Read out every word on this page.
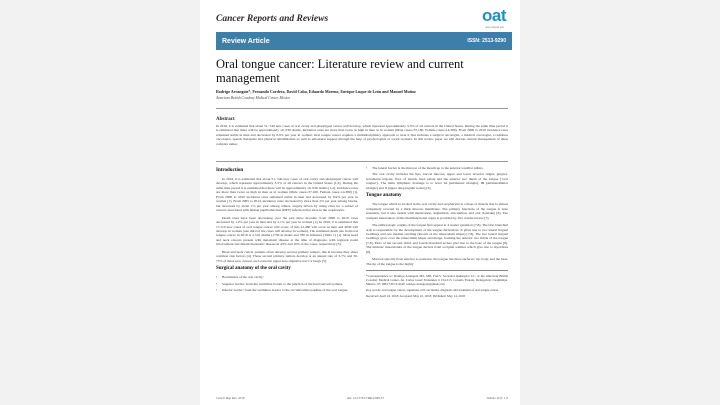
Cancer Reports and Reviews	oat
open access text
Review Article	ISSN: 2513-9290
Oral tongue cancer: Literature review and current management
Rodrigo Arrangoiz*, Fernando Cordera, David Caba, Eduardo Moreno, Enrique Luque de León and Manuel Muñoz
American British Cowdray Medical Center, Mexico
Abstract
In 2018, it is estimated that about 51, 540 new cases of oral cavity and pharyngeal cancer will develop, which represent approximately 3-5% of all cancers in the United States. During the same time period it is estimated that there will be approximately 10, 030 deaths. Incidence rates are more than twice as high in men as in women (Male cases=37,160, Female cases=14,380). From 2006 to 2010 incidence rates remained stable in men and decreased by 0.9% per year in women. Oral tongue cancer requires a multidisciplinary approach to treat it that includes a surgical oncologist, a medical oncologist, a radiation oncologist, speech therapists and physical rehabilitation as well as emotional support through the help of psychologists or social workers. In this review paper we will discuss current management of these complex tumor.
Introduction

In 2018, it is estimated that about 51, 540 new cases of oral cavity and pharyngeal cancer will develop, which represent approximately 3-5% of all cancers in the United States [1,2]. During the same time period it is estimated that there will be approximately 10, 030 deaths [1,2]. Incidence rates are more than twice as high in men as in women (Male cases=37,160, Female cases=14,380) [1]. From 2006 to 2010 incidence rates remained stable in men and decreased by 0.9% per year in women [1]. From 2005 to 2014, incidence rates decreased by more than 2% per year among blacks, but increased by about 1% per year among whites, largely driven by rising rates for a subset of cancers associated with human papillomavirus (HPV) infection that arise in the oropharynx.

Death rates have been decreasing over the past three decades; from 2006 to 2010, rates decreased by 1.2% per year in men and by 2.1% per year in women [1]. In 2018, it is estimated that 17,110 new cases of oral tongue cancer will occur, of this 12,480 will occur in men and 4630 will develop in woman (one third of the cases will develop in women). The estimated death rate from oral tongue cancer in 2018 is 2,510 deaths (1730 in males and 780 in females) (Table 1) [1]. Most head and neck cancers present with metastatic disease at the time of diagnosis, with regional nodal involvement and distant metastatic disease in 43% and 10% of the cases, respectively [3].

Head and neck cancer patients often develop second primary tumors, this is because they share common risk factors [4]. These second primary tumors develop at an annual rate of 3-7% and 50-75% of these new cancers are located in upper aero-digestive tract or lungs [5].

Surgical anatomy of the oral cavity
• Boundaries of the oral cavity:
• Superior border: from the vermilion border to the junction of the hard and soft palates.
• Inferior border: from the vermilion border to the circumvallate papillae of the oral tongue.
• The lateral border is the mucosa of the mouth up to the anterior tonsillar pillars.

The oral cavity includes the lips, buccal mucosa, upper and lower alveolar ridges, gingiva, retromolar trigone, floor of mouth, hard palate and the anterior two thirds of the tongue ("oral tongue"). The main lymphatic drainage is to level IA (submental triangle), IB (submandibular triangle) and II (upper deep jugular nodes) [3].

Tongue anatomy

The tongue which is located in the oral cavity and oropharynx is a mass of muscle that is almost completely covered by a thick mucous membrane. The primary functions of the tongue is taste sensation, but it also assists with mastication, deglutition, articulation, and oral cleansing [6]. The complex innervation of this multifunctional organ is provided by five cranial nerves [7].

The embryologic origins of the tongue first appear at 4 weeks' gestation [7,8]. The first branchial arch is responsible for the development of the tongue derivatives. It gives rise to two lateral lingual swellings and one median swelling (known as the tuberculum impar) [7,8]. The two lateral lingual swellings grow over the tuberculum impar and merge, forming the anterior two thirds of the tongue [7,8]. Parts of the second, third, and fourth branchial arches give rise to the base of the tongue [8]. The intrinsic musculature of the tongue derives from occipital somites which give rise to myoblasts [8].

Macroscopically from anterior to posterior, the tongue has three surfaces: tip, body, and the base. The tip of the tongue is the highly

*Correspondence to: Rodrigo Arrangoiz MS, MD, FACS, Sociedad Quirúrgica S.C. at the American British Cowdray Medical Center, Av. Carlos Graef Fernandez # 154-515. Colonia Tlaxala, Delegación: Cuajimalpa. México. 05 1984 7355 E-mail: rodrigo.arrangoiz@gmail.com
Key words: oral tongue cancer, squamous cell carcinoma, diagnosis and treatment of oral tongue cancer
Received: April 22, 2018; Accepted: May 10, 2018; Published: May 14, 2018
Cancer Rep Rev, 2018	doi: 10.15761/CRR.1000153	Volume 2(3): 1-9
